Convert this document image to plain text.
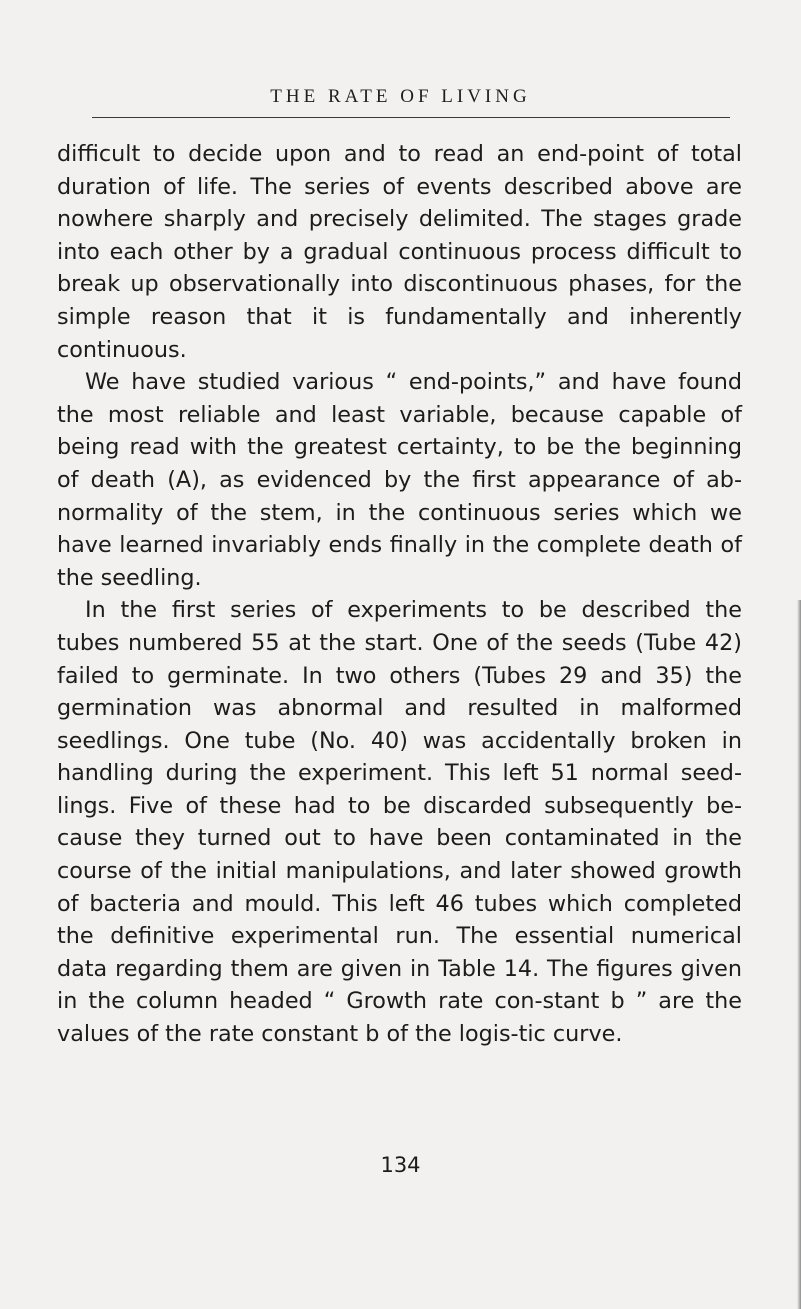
THE RATE OF LIVING

difficult to decide upon and to read an end-point of total duration of life. The series of events described above are nowhere sharply and precisely delimited. The stages grade into each other by a gradual continuous process difficult to break up observationally into discontinuous phases, for the simple reason that it is fundamentally and inherently continuous.

We have studied various “ end-points,” and have found the most reliable and least variable, because capable of being read with the greatest certainty, to be the beginning of death (A), as evidenced by the first appearance of ab-normality of the stem, in the continuous series which we have learned invariably ends finally in the complete death of the seedling.

In the first series of experiments to be described the tubes numbered 55 at the start. One of the seeds (Tube 42) failed to germinate. In two others (Tubes 29 and 35) the germination was abnormal and resulted in malformed seedlings. One tube (No. 40) was accidentally broken in handling during the experiment. This left 51 normal seed-lings. Five of these had to be discarded subsequently be-cause they turned out to have been contaminated in the course of the initial manipulations, and later showed growth of bacteria and mould. This left 46 tubes which completed the definitive experimental run. The essential numerical data regarding them are given in Table 14. The figures given in the column headed “ Growth rate con-stant b ” are the values of the rate constant b of the logis-tic curve.

134
